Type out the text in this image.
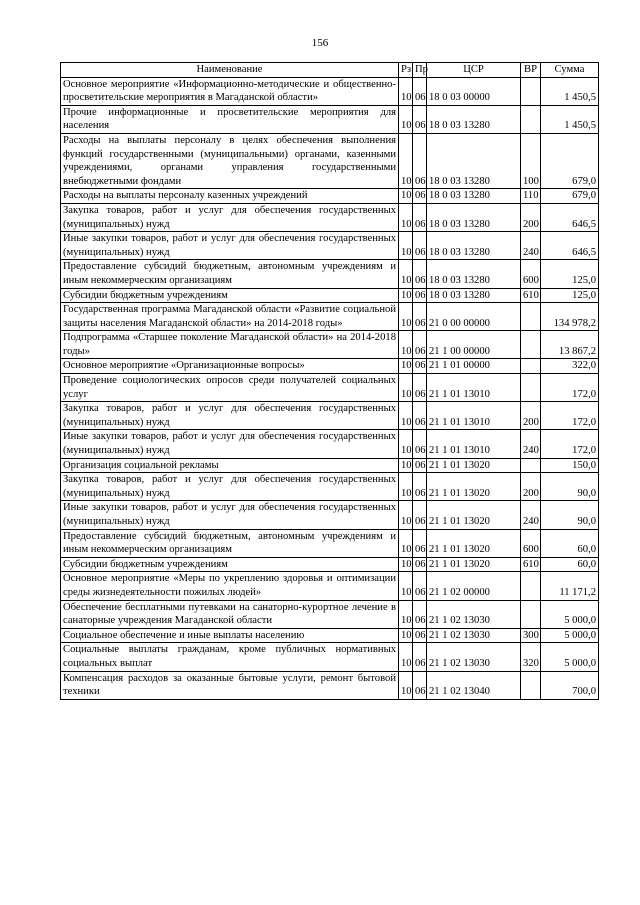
156
Наименование	Рз	Пр	ЦСР	ВР	Сумма
Основное мероприятие «Информационно-методические и общественно-просветительские мероприятия в Магаданской области»	10	06	18 0 03 00000		1 450,5
Прочие информационные и просветительские мероприятия для населения	10	06	18 0 03 13280		1 450,5
Расходы на выплаты персоналу в целях обеспечения выполнения функций государственными (муниципальными) органами, казенными учреждениями, органами управления государственными внебюджетными фондами	10	06	18 0 03 13280	100	679,0
Расходы на выплаты персоналу казенных учреждений	10	06	18 0 03 13280	110	679,0
Закупка товаров, работ и услуг для обеспечения государственных (муниципальных) нужд	10	06	18 0 03 13280	200	646,5
Иные закупки товаров, работ и услуг для обеспечения государственных (муниципальных) нужд	10	06	18 0 03 13280	240	646,5
Предоставление субсидий бюджетным, автономным учреждениям и иным некоммерческим организациям	10	06	18 0 03 13280	600	125,0
Субсидии бюджетным учреждениям	10	06	18 0 03 13280	610	125,0
Государственная программа Магаданской области «Развитие социальной защиты населения Магаданской области» на 2014-2018 годы»	10	06	21 0 00 00000		134 978,2
Подпрограмма «Старшее поколение Магаданской области» на 2014-2018 годы»	10	06	21 1 00 00000		13 867,2
Основное мероприятие «Организационные вопросы»	10	06	21 1 01 00000		322,0
Проведение социологических опросов среди получателей социальных услуг	10	06	21 1 01 13010		172,0
Закупка товаров, работ и услуг для обеспечения государственных (муниципальных) нужд	10	06	21 1 01 13010	200	172,0
Иные закупки товаров, работ и услуг для обеспечения государственных (муниципальных) нужд	10	06	21 1 01 13010	240	172,0
Организация социальной рекламы	10	06	21 1 01 13020		150,0
Закупка товаров, работ и услуг для обеспечения государственных (муниципальных) нужд	10	06	21 1 01 13020	200	90,0
Иные закупки товаров, работ и услуг для обеспечения государственных (муниципальных) нужд	10	06	21 1 01 13020	240	90,0
Предоставление субсидий бюджетным, автономным учреждениям и иным некоммерческим организациям	10	06	21 1 01 13020	600	60,0
Субсидии бюджетным учреждениям	10	06	21 1 01 13020	610	60,0
Основное мероприятие «Меры по укреплению здоровья и оптимизации среды жизнедеятельности пожилых людей»	10	06	21 1 02 00000		11 171,2
Обеспечение бесплатными путевками на санаторно-курортное лечение в санаторные учреждения Магаданской области	10	06	21 1 02 13030		5 000,0
Социальное обеспечение и иные выплаты населению	10	06	21 1 02 13030	300	5 000,0
Социальные выплаты гражданам, кроме публичных нормативных социальных выплат	10	06	21 1 02 13030	320	5 000,0
Компенсация расходов за оказанные бытовые услуги, ремонт бытовой техники	10	06	21 1 02 13040		700,0
